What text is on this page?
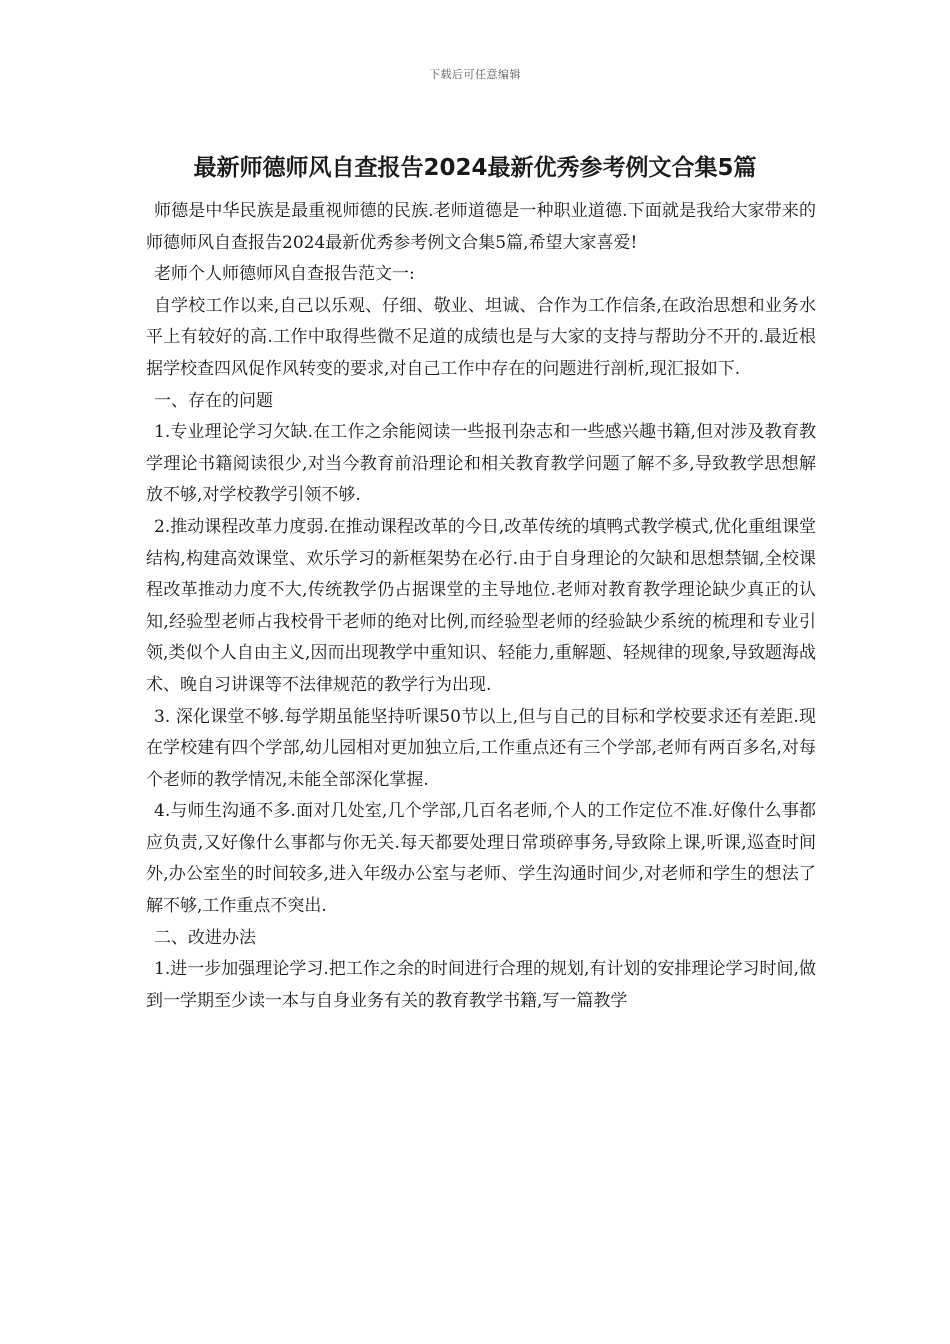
下载后可任意编辑
最新师德师风自查报告2024最新优秀参考例文合集5篇

师德是中华民族是最重视师德的民族.老师道德是一种职业道德.下面就是我给大家带来的师德师风自查报告2024最新优秀参考例文合集5篇,希望大家喜爱!

老师个人师德师风自查报告范文一:

自学校工作以来,自己以乐观、仔细、敬业、坦诚、合作为工作信条,在政治思想和业务水平上有较好的高.工作中取得些微不足道的成绩也是与大家的支持与帮助分不开的.最近根据学校查四风促作风转变的要求,对自己工作中存在的问题进行剖析,现汇报如下.

一、存在的问题

1.专业理论学习欠缺.在工作之余能阅读一些报刊杂志和一些感兴趣书籍,但对涉及教育教学理论书籍阅读很少,对当今教育前沿理论和相关教育教学问题了解不多,导致教学思想解放不够,对学校教学引领不够.

2.推动课程改革力度弱.在推动课程改革的今日,改革传统的填鸭式教学模式,优化重组课堂结构,构建高效课堂、欢乐学习的新框架势在必行.由于自身理论的欠缺和思想禁锢,全校课程改革推动力度不大,传统教学仍占据课堂的主导地位.老师对教育教学理论缺少真正的认知,经验型老师占我校骨干老师的绝对比例,而经验型老师的经验缺少系统的梳理和专业引领,类似个人自由主义,因而出现教学中重知识、轻能力,重解题、轻规律的现象,导致题海战术、晚自习讲课等不法律规范的教学行为出现.

3. 深化课堂不够.每学期虽能坚持听课50节以上,但与自己的目标和学校要求还有差距.现在学校建有四个学部,幼儿园相对更加独立后,工作重点还有三个学部,老师有两百多名,对每个老师的教学情况,未能全部深化掌握.

4.与师生沟通不多.面对几处室,几个学部,几百名老师,个人的工作定位不准.好像什么事都应负责,又好像什么事都与你无关.每天都要处理日常琐碎事务,导致除上课,听课,巡查时间外,办公室坐的时间较多,进入年级办公室与老师、学生沟通时间少,对老师和学生的想法了解不够,工作重点不突出.

二、改进办法

1.进一步加强理论学习.把工作之余的时间进行合理的规划,有计划的安排理论学习时间,做到一学期至少读一本与自身业务有关的教育教学书籍,写一篇教学
